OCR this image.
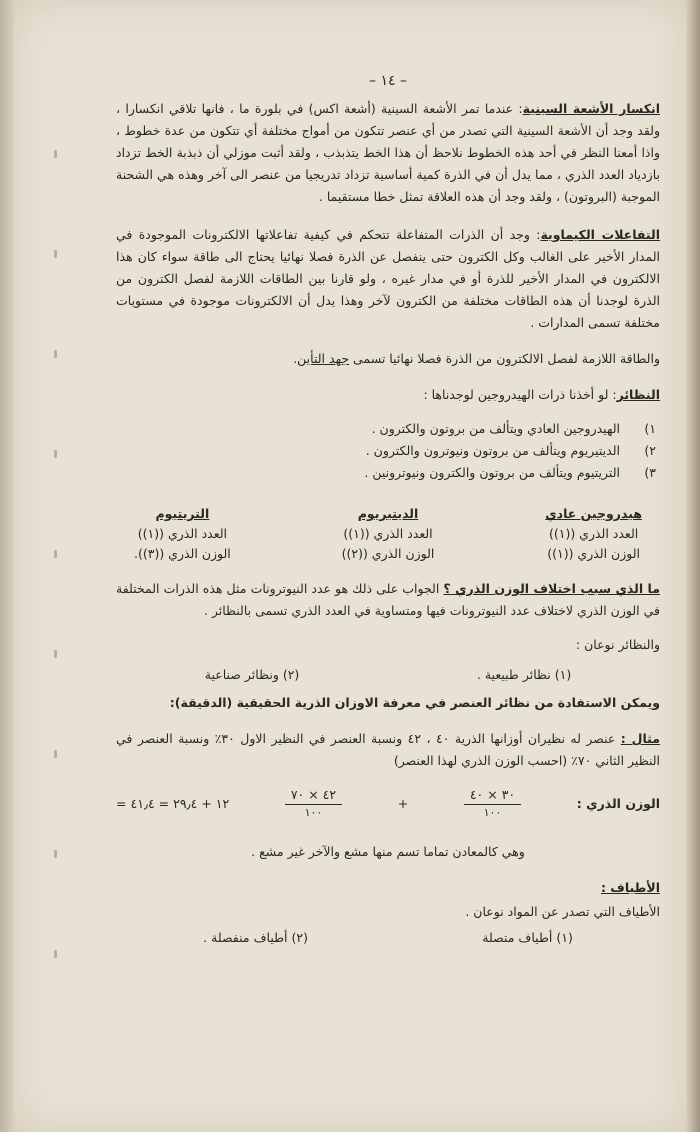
– ١٤ –

انكسار الأشعة السينية: عندما تمر الأشعة السينية (أشعة اكس) في بلورة ما ، فانها تلاقي انكسارا ، ولقد وجد أن الأشعة السينية التي تصدر من أي عنصر تتكون من أمواج مختلفة أي تتكون من عدة خطوط ، واذا أمعنا النظر في أحد هذه الخطوط نلاحظ أن هذا الخط يتذبذب ، ولقد أثبت موزلي أن ذبذبة الخط تزداد بازدياد العدد الذري ، مما يدل أن في الذرة كمية أساسية تزداد تدريجيا من عنصر الى آخر وهذه هي الشحنة الموجبة (البروتون) ، ولقد وجد أن هذه العلاقة تمثل خطا مستقيما .

التفاعلات الكيماوية: وجد أن الذرات المتفاعلة تتحكم في كيفية تفاعلاتها الالكترونات الموجودة في المدار الأخير على الغالب وكل الكترون حتى ينفصل عن الذرة فصلا نهائيا يحتاج الى طاقة سواء كان هذا الالكترون في المدار الأخير للذرة أو في مدار غيره ، ولو قارنا بين الطاقات اللازمة لفصل الكترون من الذرة لوجدنا أن هذه الطاقات مختلفة من الكترون لآخر وهذا يدل أن الالكترونات موجودة في مستويات مختلفة تسمى المدارات .

والطاقة اللازمة لفصل الالكترون من الذرة فصلا نهائيا تسمى جهد التأين.

النظائر: لو أخذنا ذرات الهيدروجين لوجدناها :

١)
الهيدروجين العادي ويتألف من بروتون والكترون .
٢)
الديتيريوم ويتألف من بروتون ونيوترون والكترون .
٣)
التريتيوم ويتألف من بروتون والكترون ونيوترونين .
هيدروجين عادي
العدد الذري ((١))
الوزن الذري ((١))
الديتيريوم
العدد الذري ((١))
الوزن الذري ((٢))
التريتيوم
العدد الذري ((١))
الوزن الذري ((٣)).

ما الذي سبب اختلاف الوزن الذري ؟ الجواب على ذلك هو عدد النيوترونات مثل هذه الذرات المختلفة في الوزن الذري لاختلاف عدد النيوترونات فيها ومتساوية في العدد الذري تسمى بالنظائر .

والنظائر نوعان :

(١) نظائر طبيعية .
(٢) ونظائر صناعية

ويمكن الاستفادة من نظائر العنصر في معرفة الاوزان الذرية الحقيقية (الدقيقة):

مثال : عنصر له نظيران أوزانها الذرية ٤٠ ، ٤٢ ونسبة العنصر في النظير الاول ٣٠٪ ونسبة العنصر في النظير الثاني ٧٠٪ (احسب الوزن الذري لهذا العنصر)

الوزن الذري :
$\frac{٣٠ \times ٤٠}{١٠٠}$
+
$\frac{٤٢ \times ٧٠}{١٠٠}$
= ١٢ + ٢٩٫٤ = ٤١٫٤

وهي كالمعادن تماما تسم منها مشع والآخر غير مشع .

الأطياف :

الأطياف التي تصدر عن المواد نوعان .

(١) أطياف متصلة
(٢) أطياف منفصلة .
